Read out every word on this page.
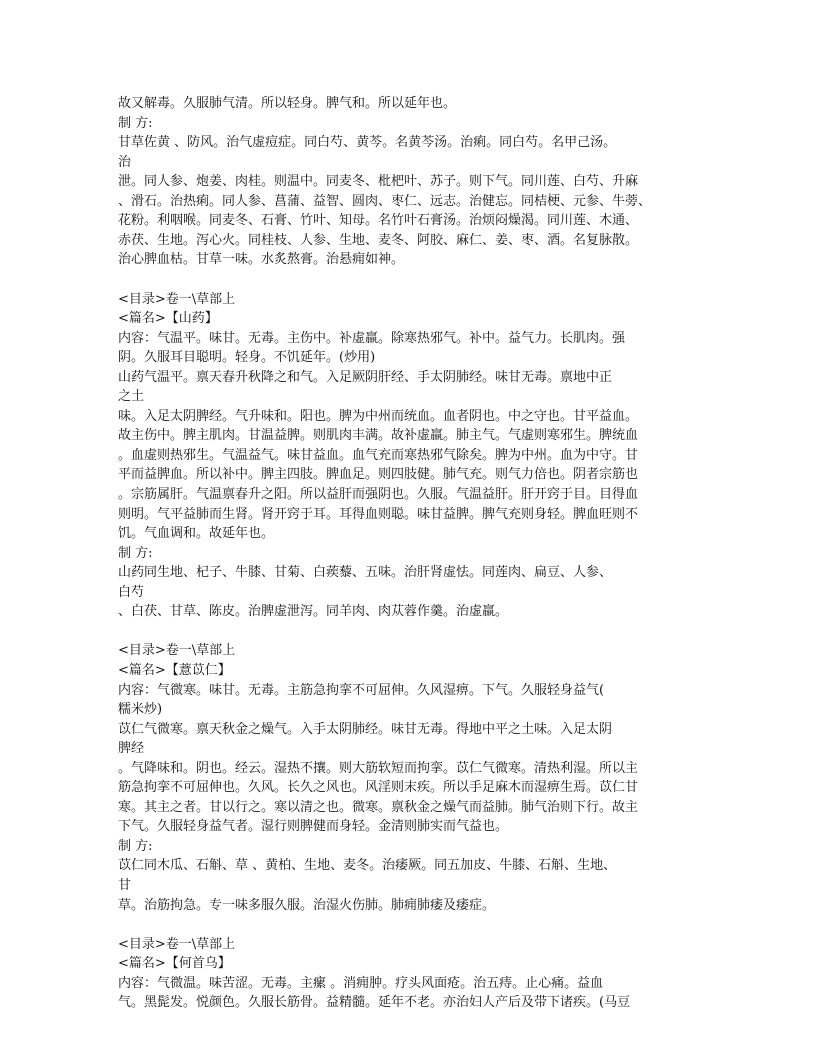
故又解毒。久服肺气清。所以轻身。脾气和。所以延年也。
制 方:
甘草佐黄 、防风。治气虚痘症。同白芍、黄芩。名黄芩汤。治痢。同白芍。名甲己汤。
治
泄。同人参、炮姜、肉桂。则温中。同麦冬、枇杷叶、苏子。则下气。同川莲、白芍、升麻
、滑石。治热痢。同人参、菖蒲、益智、圆肉、枣仁、远志。治健忘。同桔梗、元参、牛蒡、
花粉。利咽喉。同麦冬、石膏、竹叶、知母。名竹叶石膏汤。治烦闷燥渴。同川莲、木通、
赤茯、生地。泻心火。同桂枝、人参、生地、麦冬、阿胶、麻仁、姜、枣、酒。名复脉散。
治心脾血枯。甘草一味。水炙熬膏。治悬痈如神。
<目录>卷一\草部上
<篇名>【山药】
内容：气温平。味甘。无毒。主伤中。补虚羸。除寒热邪气。补中。益气力。长肌肉。强
阴。久服耳目聪明。轻身。不饥延年。(炒用)
山药气温平。禀天春升秋降之和气。入足厥阴肝经、手太阴肺经。味甘无毒。禀地中正
之土
味。入足太阴脾经。气升味和。阳也。脾为中州而统血。血者阴也。中之守也。甘平益血。
故主伤中。脾主肌肉。甘温益脾。则肌肉丰满。故补虚羸。肺主气。气虚则寒邪生。脾统血
。血虚则热邪生。气温益气。味甘益血。血气充而寒热邪气除矣。脾为中州。血为中守。甘
平而益脾血。所以补中。脾主四肢。脾血足。则四肢健。肺气充。则气力倍也。阴者宗筋也
。宗筋属肝。气温禀春升之阳。所以益肝而强阴也。久服。气温益肝。肝开窍于目。目得血
则明。气平益肺而生肾。肾开窍于耳。耳得血则聪。味甘益脾。脾气充则身轻。脾血旺则不
饥。气血调和。故延年也。
制 方:
山药同生地、杞子、牛膝、甘菊、白蒺藜、五味。治肝肾虚怯。同莲肉、扁豆、人参、
白芍
、白茯、甘草、陈皮。治脾虚泄泻。同羊肉、肉苁蓉作羹。治虚羸。
<目录>卷一\草部上
<篇名>【薏苡仁】
内容：气微寒。味甘。无毒。主筋急拘挛不可屈伸。久风湿痹。下气。久服轻身益气(
糯米炒)
苡仁气微寒。禀天秋金之燥气。入手太阴肺经。味甘无毒。得地中平之土味。入足太阴
脾经
。气降味和。阴也。经云。湿热不攘。则大筋软短而拘挛。苡仁气微寒。清热利湿。所以主
筋急拘挛不可屈伸也。久风。长久之风也。风淫则末疾。所以手足麻木而湿痹生焉。苡仁甘
寒。其主之者。甘以行之。寒以清之也。微寒。禀秋金之燥气而益肺。肺气治则下行。故主
下气。久服轻身益气者。湿行则脾健而身轻。金清则肺实而气益也。
制 方:
苡仁同木瓜、石斛、草 、黄柏、生地、麦冬。治痿厥。同五加皮、牛膝、石斛、生地、
甘
草。治筋拘急。专一味多服久服。治湿火伤肺。肺痈肺痿及痿症。
<目录>卷一\草部上
<篇名>【何首乌】
内容：气微温。味苦涩。无毒。主瘰 。消痈肿。疗头风面疮。治五痔。止心痛。益血
气。黑髭发。悦颜色。久服长筋骨。益精髓。延年不老。亦治妇人产后及带下诸疾。(马豆
